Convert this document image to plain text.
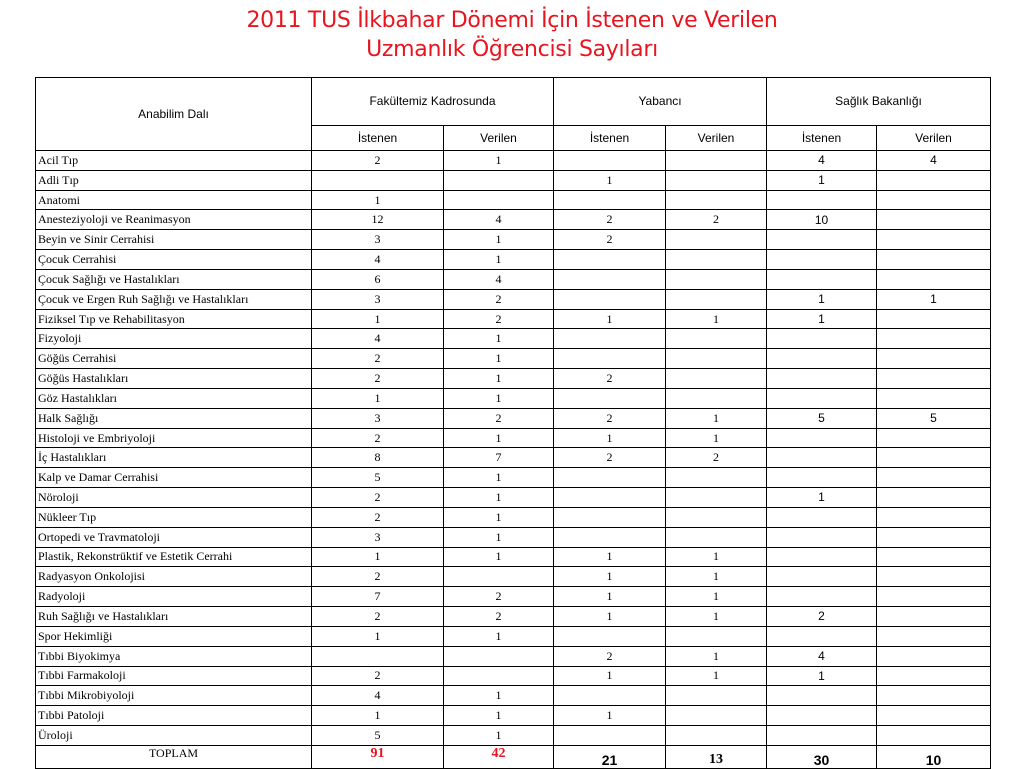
2011 TUS İlkbahar Dönemi İçin İstenen ve Verilen
Uzmanlık Öğrencisi Sayıları
Anabilim Dalı	Fakültemiz Kadrosunda		Yabancı		Sağlık Bakanlığı	
	İstenen	Verilen	İstenen	Verilen	İstenen	Verilen
Acil Tıp	2	1			4	4
Adli Tıp			1		1	
Anatomi	1					
Anesteziyoloji ve Reanimasyon	12	4	2	2	10	
Beyin ve Sinir Cerrahisi	3	1	2			
Çocuk Cerrahisi	4	1				
Çocuk Sağlığı ve Hastalıkları	6	4				
Çocuk ve Ergen Ruh Sağlığı ve Hastalıkları	3	2			1	1
Fiziksel Tıp ve Rehabilitasyon	1	2	1	1	1	
Fizyoloji	4	1				
Göğüs Cerrahisi	2	1				
Göğüs Hastalıkları	2	1	2			
Göz Hastalıkları	1	1				
Halk Sağlığı	3	2	2	1	5	5
Histoloji ve Embriyoloji	2	1	1	1		
İç Hastalıkları	8	7	2	2		
Kalp ve Damar Cerrahisi	5	1				
Nöroloji	2	1			1	
Nükleer Tıp	2	1				
Ortopedi ve Travmatoloji	3	1				
Plastik, Rekonstrüktif ve Estetik Cerrahi	1	1	1	1		
Radyasyon Onkolojisi	2		1	1		
Radyoloji	7	2	1	1		
Ruh Sağlığı ve Hastalıkları	2	2	1	1	2	
Spor Hekimliği	1	1				
Tıbbi Biyokimya			2	1	4	
Tıbbi Farmakoloji	2		1	1	1	
Tıbbi Mikrobiyoloji	4	1				
Tıbbi Patoloji	1	1	1			
Üroloji	5	1				
TOPLAM	91	42	21	13	30	10
